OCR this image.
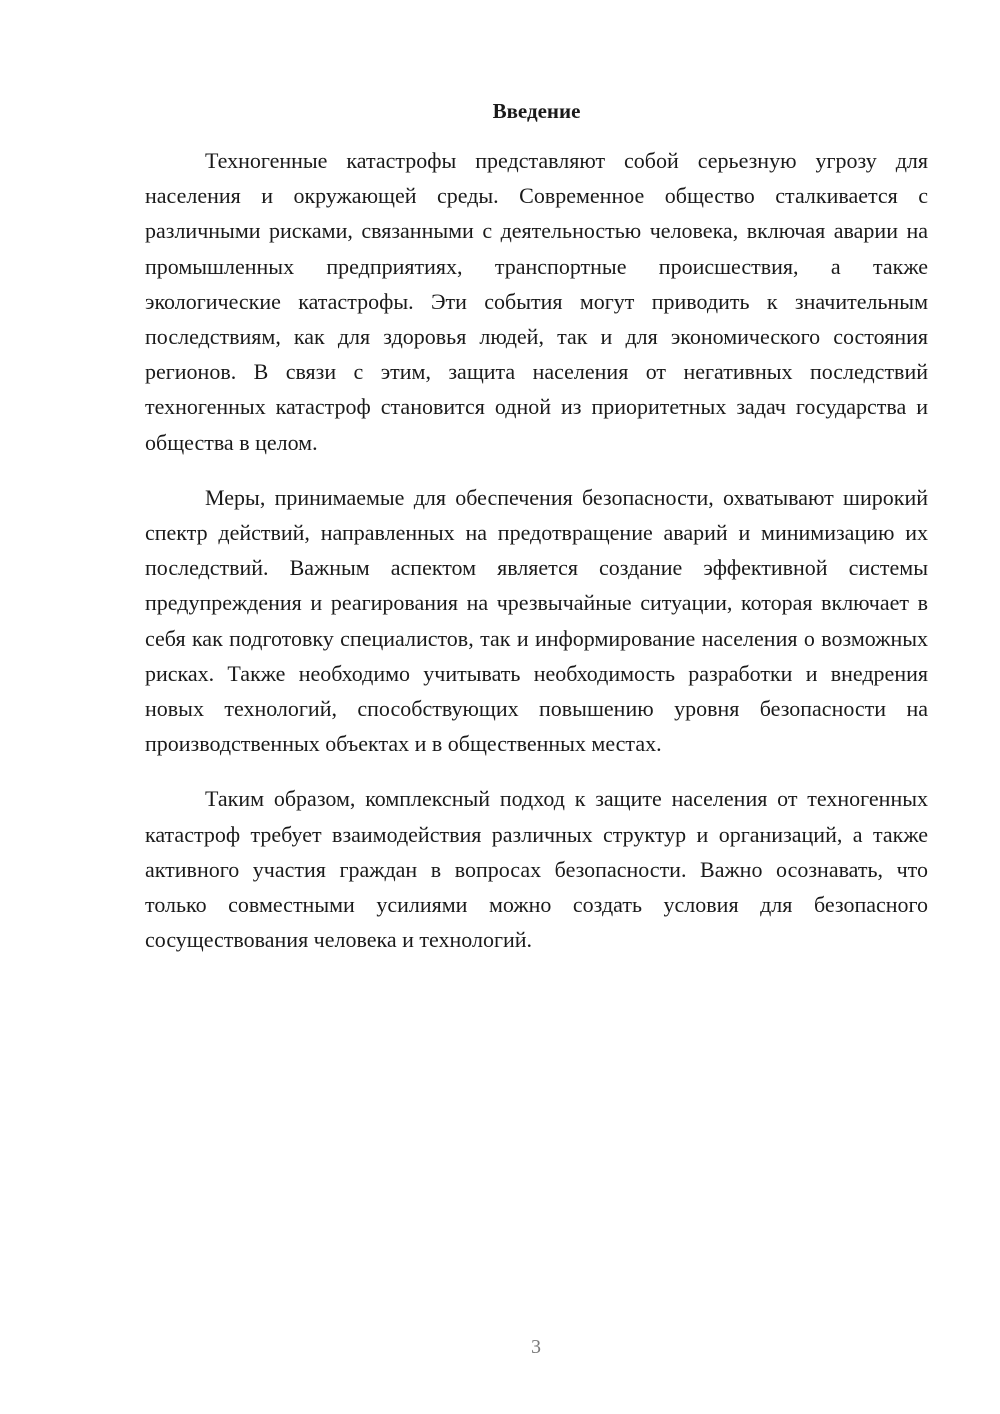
Введение

Техногенные катастрофы представляют собой серьезную угрозу для населения и окружающей среды. Современное общество сталкивается с различными рисками, связанными с деятельностью человека, включая аварии на промышленных предприятиях, транспортные происшествия, а также экологические катастрофы. Эти события могут приводить к значительным последствиям, как для здоровья людей, так и для экономического состояния регионов. В связи с этим, защита населения от негативных последствий техногенных катастроф становится одной из приоритетных задач государства и общества в целом.

Меры, принимаемые для обеспечения безопасности, охватывают широкий спектр действий, направленных на предотвращение аварий и минимизацию их последствий. Важным аспектом является создание эффективной системы предупреждения и реагирования на чрезвычайные ситуации, которая включает в себя как подготовку специалистов, так и информирование населения о возможных рисках. Также необходимо учитывать необходимость разработки и внедрения новых технологий, способствующих повышению уровня безопасности на производственных объектах и в общественных местах.

Таким образом, комплексный подход к защите населения от техногенных катастроф требует взаимодействия различных структур и организаций, а также активного участия граждан в вопросах безопасности. Важно осознавать, что только совместными усилиями можно создать условия для безопасного сосуществования человека и технологий.

3
